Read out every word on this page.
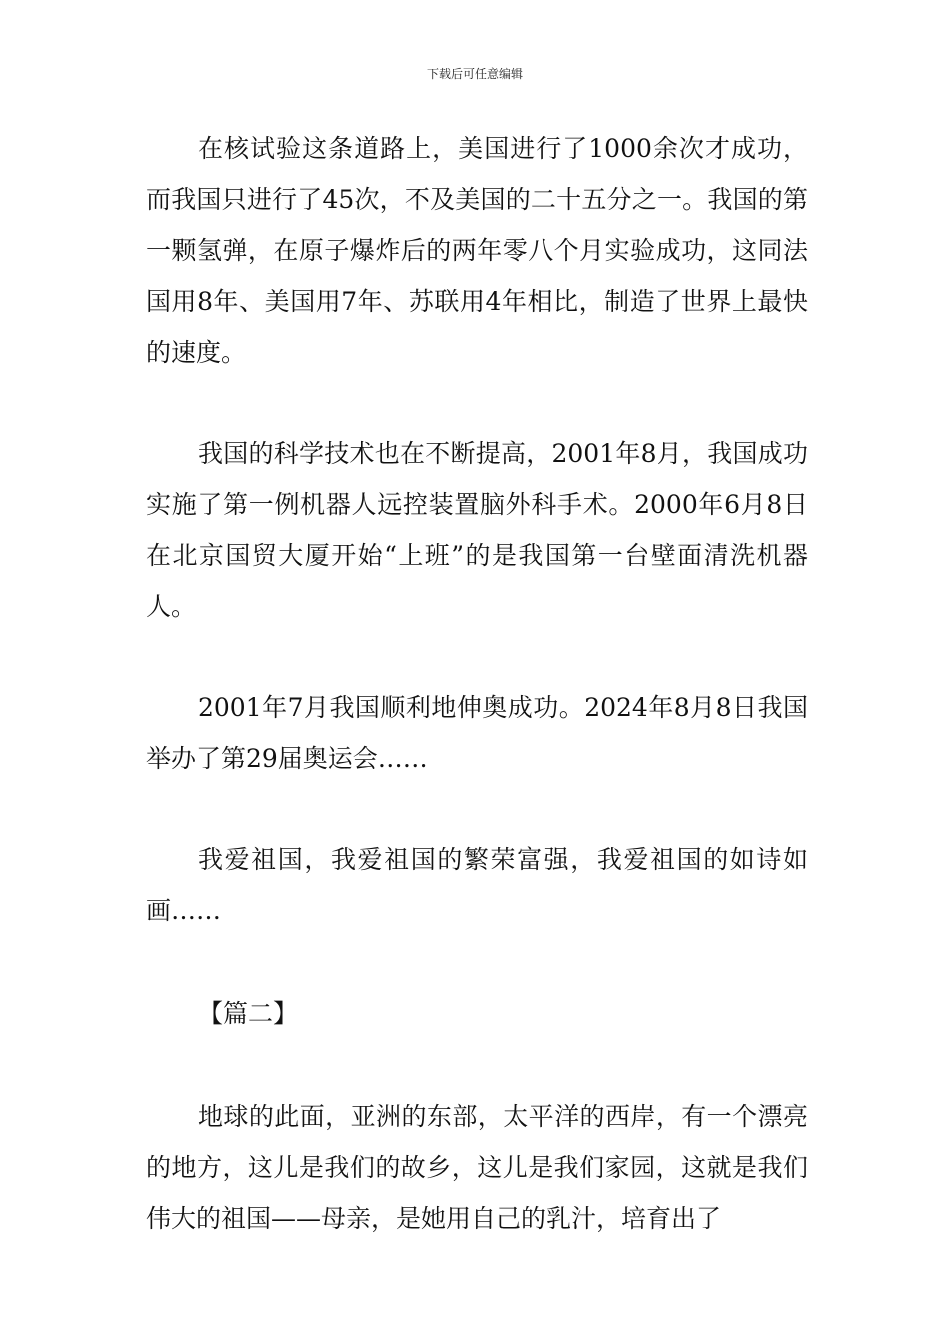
下载后可任意编辑

在核试验这条道路上，美国进行了1000余次才成功，而我国只进行了45次，不及美国的二十五分之一。我国的第一颗氢弹，在原子爆炸后的两年零八个月实验成功，这同法国用8年、美国用7年、苏联用4年相比，制造了世界上最快的速度。

我国的科学技术也在不断提高，2001年8月，我国成功实施了第一例机器人远控装置脑外科手术。2000年6月8日在北京国贸大厦开始“上班”的是我国第一台壁面清洗机器人。

2001年7月我国顺利地伸奥成功。2024年8月8日我国举办了第29届奥运会……

我爱祖国，我爱祖国的繁荣富强，我爱祖国的如诗如画……

【篇二】

地球的此面，亚洲的东部，太平洋的西岸，有一个漂亮的地方，这儿是我们的故乡，这儿是我们家园，这就是我们伟大的祖国——母亲，是她用自己的乳汁，培育出了
